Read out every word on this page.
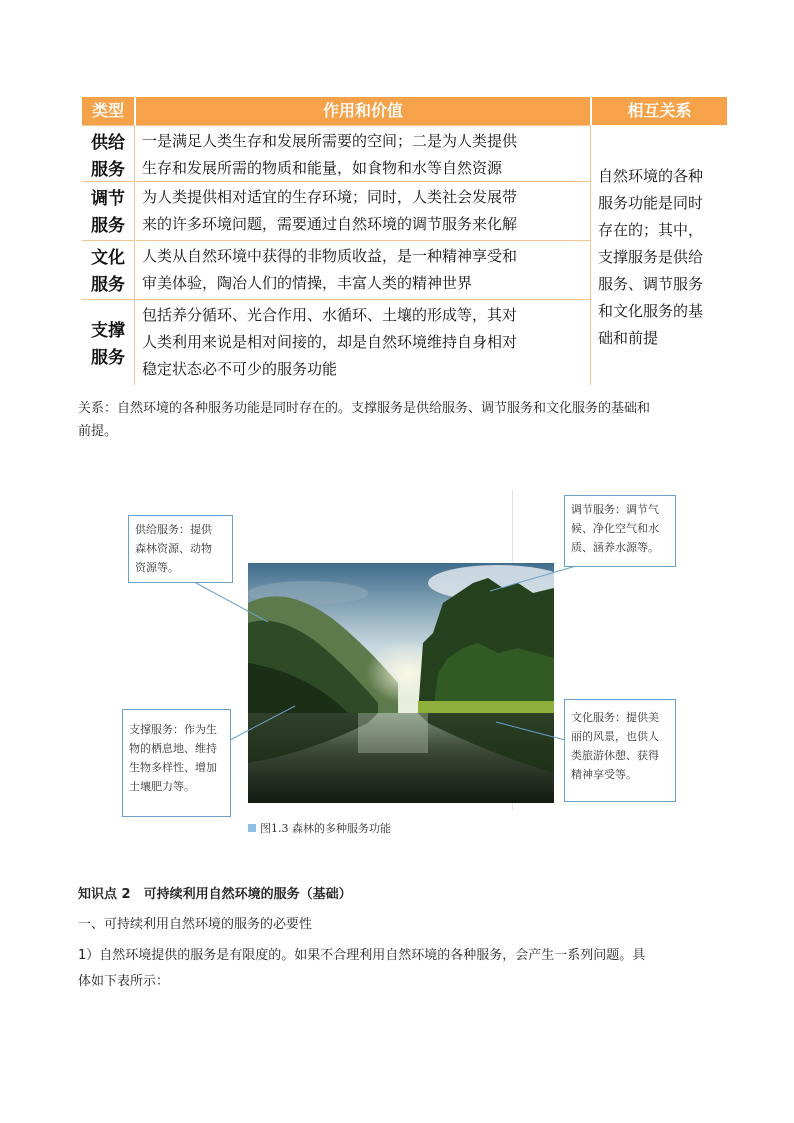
类型	作用和价值	相互关系
供给
服务
一是满足人类生存和发展所需要的空间；二是为人类提供
生存和发展所需的物质和能量，如食物和水等自然资源
调节
服务
为人类提供相对适宜的生存环境；同时，人类社会发展带
来的许多环境问题，需要通过自然环境的调节服务来化解
文化
服务
人类从自然环境中获得的非物质收益，是一种精神享受和
审美体验，陶冶人们的情操，丰富人类的精神世界
支撑
服务
包括养分循环、光合作用、水循环、土壤的形成等，其对
人类利用来说是相对间接的，却是自然环境维持自身相对
稳定状态必不可少的服务功能
自然环境的各种
服务功能是同时
存在的；其中，
支撑服务是供给
服务、调节服务
和文化服务的基
础和前提
关系：自然环境的各种服务功能是同时存在的。支撑服务是供给服务、调节服务和文化服务的基础和
前提。
供给服务：提供
森林资源、动物
资源等。
调节服务：调节气
候、净化空气和水
质、涵养水源等。
支撑服务：作为生
物的栖息地、维持
生物多样性、增加
土壤肥力等。
文化服务：提供美
丽的风景，也供人
类旅游休憩、获得
精神享受等。
图1.3 森林的多种服务功能
知识点 2　可持续利用自然环境的服务（基础）
一、可持续利用自然环境的服务的必要性
1）自然环境提供的服务是有限度的。如果不合理利用自然环境的各种服务，会产生一系列问题。具
体如下表所示：
